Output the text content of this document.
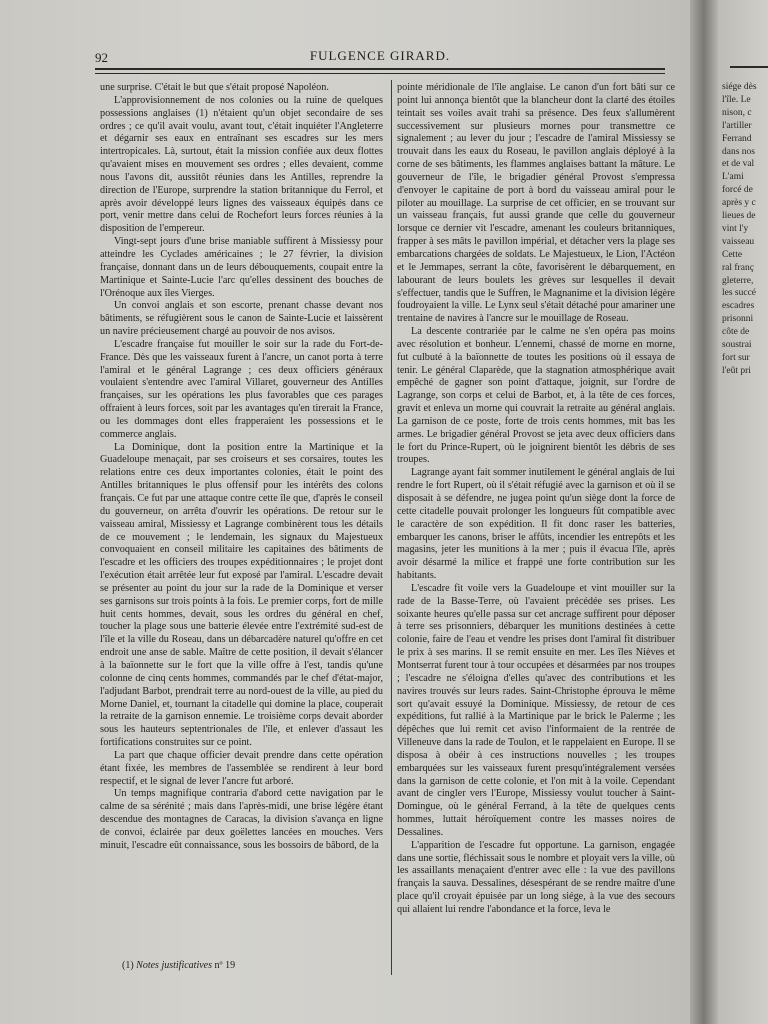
92	FULGENCE GIRARD.

une surprise. C'était le but que s'était proposé Napoléon.

L'approvisionnement de nos colonies ou la ruine de quelques possessions anglaises (1) n'étaient qu'un objet secondaire de ses ordres ; ce qu'il avait voulu, avant tout, c'était inquiéter l'Angleterre et dégarnir ses eaux en entraînant ses escadres sur les mers intertropicales. Là, surtout, était la mission confiée aux deux flottes qu'avaient mises en mouvement ses ordres ; elles devaient, comme nous l'avons dit, aussitôt réunies dans les Antilles, reprendre la direction de l'Europe, surprendre la station britannique du Ferrol, et après avoir développé leurs lignes des vaisseaux équipés dans ce port, venir mettre dans celui de Rochefort leurs forces réunies à la disposition de l'empereur.

Vingt-sept jours d'une brise maniable suffirent à Missiessy pour atteindre les Cyclades américaines ; le 27 février, la division française, donnant dans un de leurs débouquements, coupait entre la Martinique et Sainte-Lucie l'arc qu'elles dessinent des bouches de l'Orénoque aux îles Vierges.

Un convoi anglais et son escorte, prenant chasse devant nos bâtiments, se réfugièrent sous le canon de Sainte-Lucie et laissèrent un navire précieusement chargé au pouvoir de nos avisos.

L'escadre française fut mouiller le soir sur la rade du Fort-de-France. Dès que les vaisseaux furent à l'ancre, un canot porta à terre l'amiral et le général Lagrange ; ces deux officiers généraux voulaient s'entendre avec l'amiral Villaret, gouverneur des Antilles françaises, sur les opérations les plus favorables que ces parages offraient à leurs forces, soit par les avantages qu'en tirerait la France, ou les dommages dont elles frapperaient les possessions et le commerce anglais.

La Dominique, dont la position entre la Martinique et la Guadeloupe menaçait, par ses croiseurs et ses corsaires, toutes les relations entre ces deux importantes colonies, était le point des Antilles britanniques le plus offensif pour les intérêts des colons français. Ce fut par une attaque contre cette île que, d'après le conseil du gouverneur, on arrêta d'ouvrir les opérations. De retour sur le vaisseau amiral, Missiessy et Lagrange combinèrent tous les détails de ce mouvement ; le lendemain, les signaux du Majestueux convoquaient en conseil militaire les capitaines des bâtiments de l'escadre et les officiers des troupes expéditionnaires ; le projet dont l'exécution était arrêtée leur fut exposé par l'amiral. L'escadre devait se présenter au point du jour sur la rade de la Dominique et verser ses garnisons sur trois points à la fois. Le premier corps, fort de mille huit cents hommes, devait, sous les ordres du général en chef, toucher la plage sous une batterie élevée entre l'extrémité sud-est de l'île et la ville du Roseau, dans un débarcadère naturel qu'offre en cet endroit une anse de sable. Maître de cette position, il devait s'élancer à la baïonnette sur le fort que la ville offre à l'est, tandis qu'une colonne de cinq cents hommes, commandés par le chef d'état-major, l'adjudant Barbot, prendrait terre au nord-ouest de la ville, au pied du Morne Daniel, et, tournant la citadelle qui domine la place, couperait la retraite de la garnison ennemie. Le troisième corps devait aborder sous les hauteurs septentrionales de l'île, et enlever d'assaut les fortifications construites sur ce point.

La part que chaque officier devait prendre dans cette opération étant fixée, les membres de l'assemblée se rendirent à leur bord respectif, et le signal de lever l'ancre fut arboré.

Un temps magnifique contraria d'abord cette navigation par le calme de sa sérénité ; mais dans l'après-midi, une brise légère étant descendue des montagnes de Caracas, la division s'avança en ligne de convoi, éclairée par deux goëlettes lancées en mouches. Vers minuit, l'escadre eût connaissance, sous les bossoirs de bâbord, de la

pointe méridionale de l'île anglaise. Le canon d'un fort bâti sur ce point lui annonça bientôt que la blancheur dont la clarté des étoiles teintait ses voiles avait trahi sa présence. Des feux s'allumèrent successivement sur plusieurs mornes pour transmettre ce signalement ; au lever du jour ; l'escadre de l'amiral Missiessy se trouvait dans les eaux du Roseau, le pavillon anglais déployé à la corne de ses bâtiments, les flammes anglaises battant la mâture. Le gouverneur de l'île, le brigadier général Provost s'empressa d'envoyer le capitaine de port à bord du vaisseau amiral pour le piloter au mouillage. La surprise de cet officier, en se trouvant sur un vaisseau français, fut aussi grande que celle du gouverneur lorsque ce dernier vit l'escadre, amenant les couleurs britanniques, frapper à ses mâts le pavillon impérial, et détacher vers la plage ses embarcations chargées de soldats. Le Majestueux, le Lion, l'Actéon et le Jemmapes, serrant la côte, favorisèrent le débarquement, en labourant de leurs boulets les grèves sur lesquelles il devait s'effectuer, tandis que le Suffren, le Magnanime et la division légère foudroyaient la ville. Le Lynx seul s'était détaché pour amariner une trentaine de navires à l'ancre sur le mouillage de Roseau.

La descente contrariée par le calme ne s'en opéra pas moins avec résolution et bonheur. L'ennemi, chassé de morne en morne, fut culbuté à la baïonnette de toutes les positions où il essaya de tenir. Le général Claparède, que la stagnation atmosphérique avait empêché de gagner son point d'attaque, joignit, sur l'ordre de Lagrange, son corps et celui de Barbot, et, à la tête de ces forces, gravit et enleva un morne qui couvrait la retraite au général anglais. La garnison de ce poste, forte de trois cents hommes, mit bas les armes. Le brigadier général Provost se jeta avec deux officiers dans le fort du Prince-Rupert, où le joignirent bientôt les débris de ses troupes.

Lagrange ayant fait sommer inutilement le général anglais de lui rendre le fort Rupert, où il s'était réfugié avec la garnison et où il se disposait à se défendre, ne jugea point qu'un siège dont la force de cette citadelle pouvait prolonger les longueurs fût compatible avec le caractère de son expédition. Il fit donc raser les batteries, embarquer les canons, briser le affûts, incendier les entrepôts et les magasins, jeter les munitions à la mer ; puis il évacua l'île, après avoir désarmé la milice et frappé une forte contribution sur les habitants.

L'escadre fit voile vers la Guadeloupe et vint mouiller sur la rade de la Basse-Terre, où l'avaient précédée ses prises. Les soixante heures qu'elle passa sur cet ancrage suffirent pour déposer à terre ses prisonniers, débarquer les munitions destinées à cette colonie, faire de l'eau et vendre les prises dont l'amiral fit distribuer le prix à ses marins. Il se remit ensuite en mer. Les îles Nièves et Montserrat furent tour à tour occupées et désarmées par nos troupes ; l'escadre ne s'éloigna d'elles qu'avec des contributions et les navires trouvés sur leurs rades. Saint-Christophe éprouva le même sort qu'avait essuyé la Dominique. Missiessy, de retour de ces expéditions, fut rallié à la Martinique par le brick le Palerme ; les dépêches que lui remit cet aviso l'informaient de la rentrée de Villeneuve dans la rade de Toulon, et le rappelaient en Europe. Il se disposa à obéir à ces instructions nouvelles ; les troupes embarquées sur les vaisseaux furent presqu'intégralement versées dans la garnison de cette colonie, et l'on mit à la voile. Cependant avant de cingler vers l'Europe, Missiessy voulut toucher à Saint-Domingue, où le général Ferrand, à la tête de quelques cents hommes, luttait héroïquement contre les masses noires de Dessalines.

L'apparition de l'escadre fut opportune. La garnison, engagée dans une sortie, fléchissait sous le nombre et ployait vers la ville, où les assaillants menaçaient d'entrer avec elle : la vue des pavillons français la sauva. Dessalines, désespérant de se rendre maître d'une place qu'il croyait épuisée par un long siége, à la vue des secours qui allaient lui rendre l'abondance et la force, leva le

(1) Notes justificatives nº 19
siége dès
l'île. Le
nison, c
l'artiller
Ferrand
dans nos
et de val
L'ami
forcé de
après y c
lieues de
vint l'y
vaisseau
Cette
ral franç
gleterre,
les succé
escadres
prisonni
côte de
soustrai
fort sur
l'eût pri
